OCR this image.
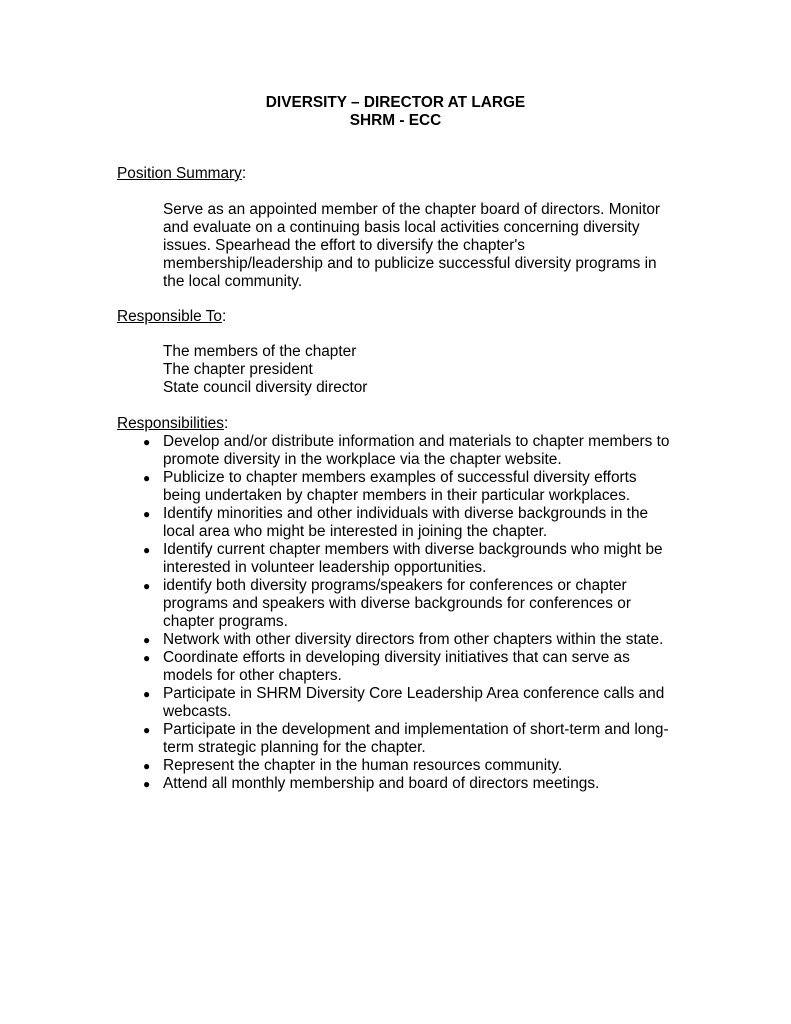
DIVERSITY – DIRECTOR AT LARGE
SHRM - ECC
Position Summary:

Serve as an appointed member of the chapter board of directors. Monitor

and evaluate on a continuing basis local activities concerning diversity

issues. Spearhead the effort to diversify the chapter's

membership/leadership and to publicize successful diversity programs in

the local community.

Responsible To:

The members of the chapter

The chapter president

State council diversity director

Responsibilities:
● Develop and/or distribute information and materials to chapter members to
promote diversity in the workplace via the chapter website.
● Publicize to chapter members examples of successful diversity efforts
being undertaken by chapter members in their particular workplaces.
● Identify minorities and other individuals with diverse backgrounds in the
local area who might be interested in joining the chapter.
● Identify current chapter members with diverse backgrounds who might be
interested in volunteer leadership opportunities.
● identify both diversity programs/speakers for conferences or chapter
programs and speakers with diverse backgrounds for conferences or
chapter programs.
● Network with other diversity directors from other chapters within the state.
● Coordinate efforts in developing diversity initiatives that can serve as
models for other chapters.
● Participate in SHRM Diversity Core Leadership Area conference calls and
webcasts.
● Participate in the development and implementation of short-term and long-
term strategic planning for the chapter.
● Represent the chapter in the human resources community.
● Attend all monthly membership and board of directors meetings.
